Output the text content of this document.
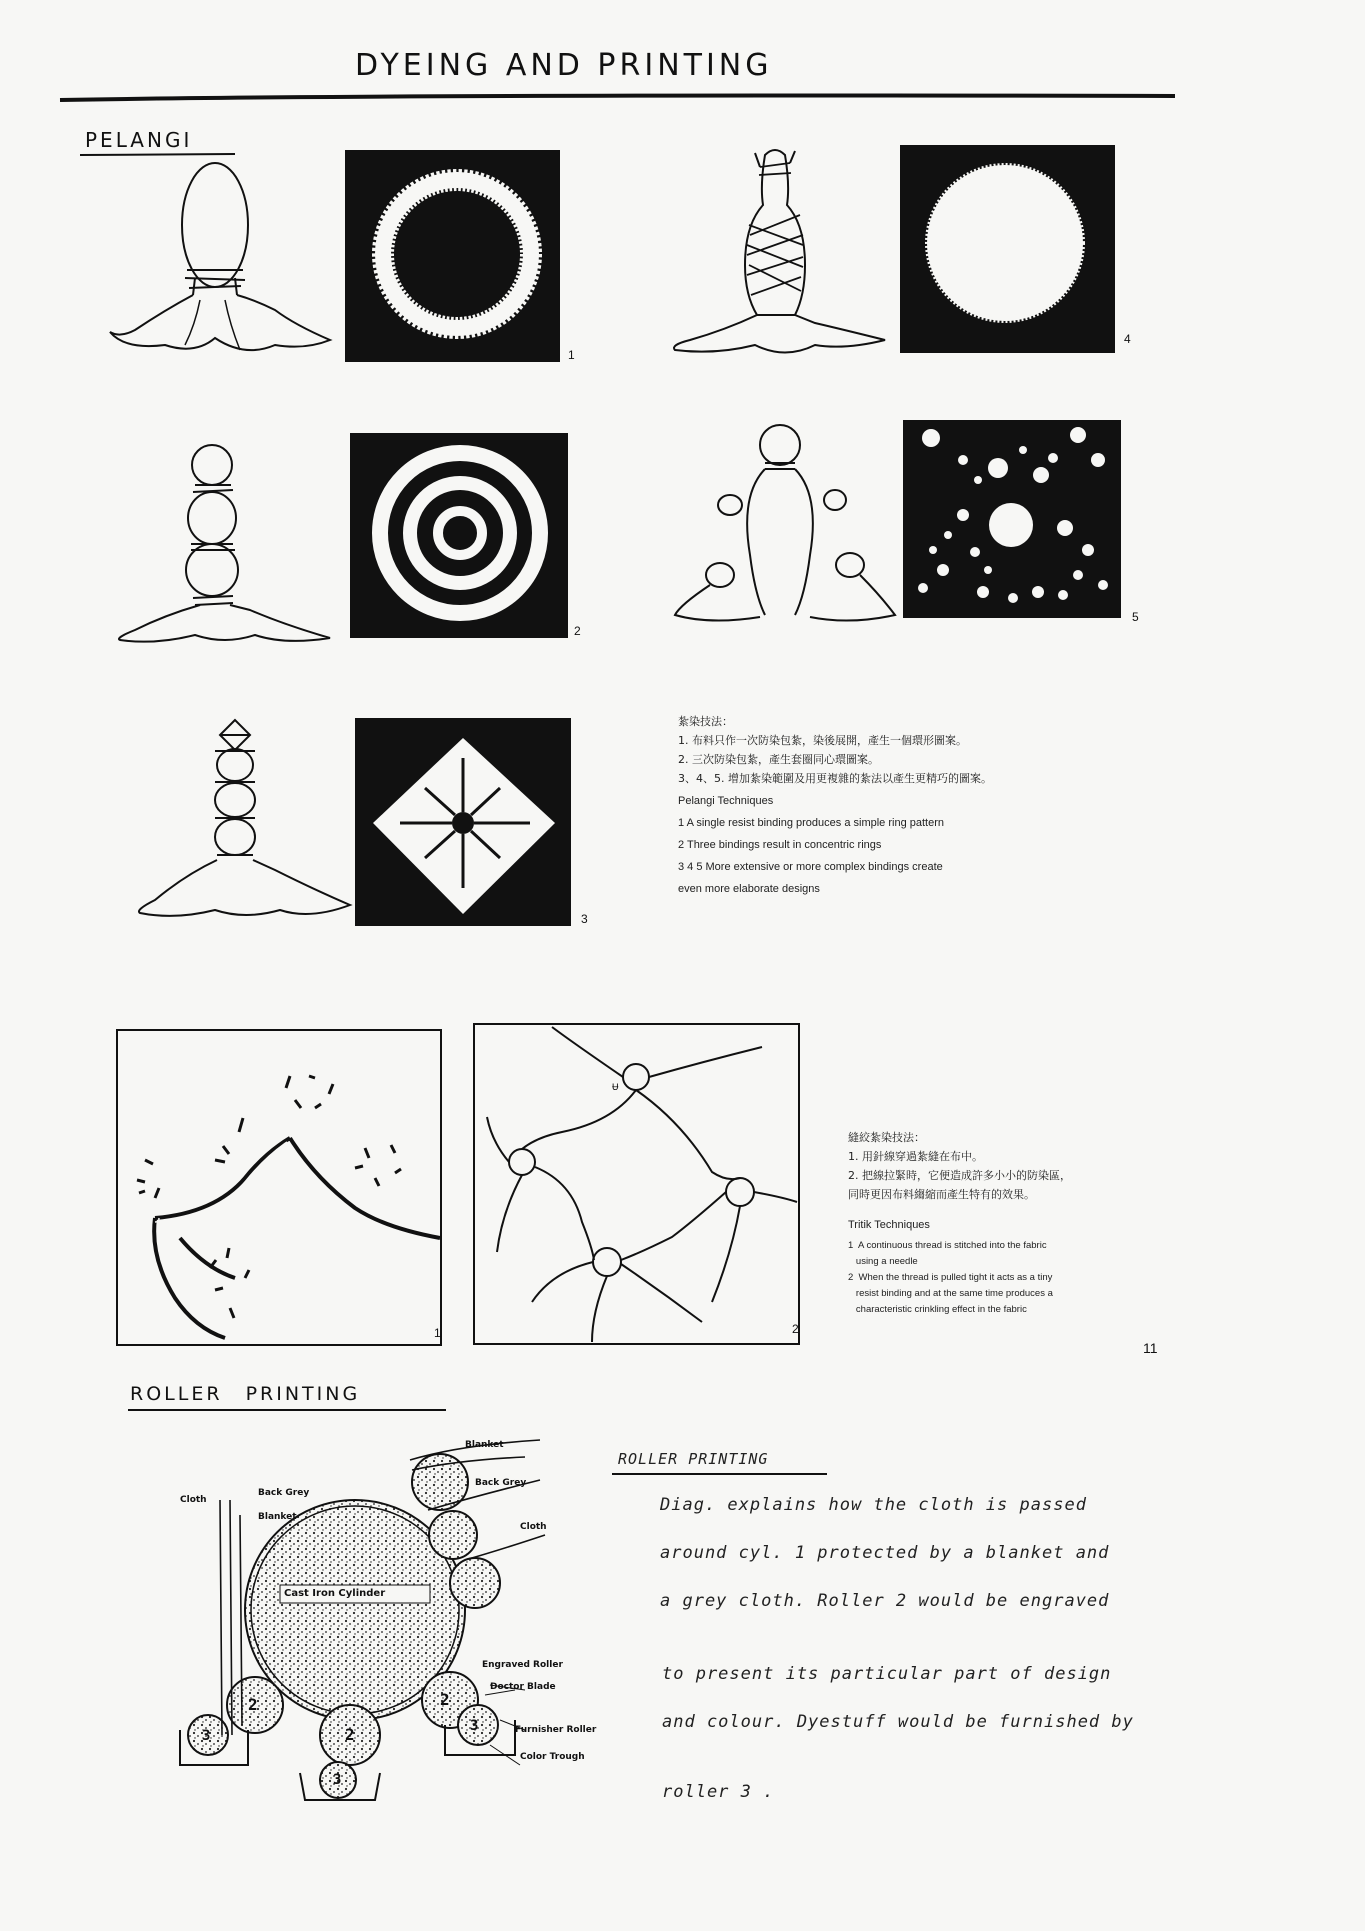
DYEING AND PRINTING
PELANGI
1
4
2
5
3
紮染技法：
1. 布料只作一次防染包紮，染後展開，產生一個環形圖案。
2. 三次防染包紮，產生套圈同心環圖案。
3、4、5. 增加紮染範圍及用更複雜的紮法以產生更精巧的圖案。
Pelangi Techniques
1 A single resist binding produces a simple ring pattern
2 Three bindings result in concentric rings
3 4 5 More extensive or more complex bindings create
even more elaborate designs
1
Ʉ
2
縫絞紮染技法：
1. 用針線穿過紮縫在布中。
2. 把線拉緊時，它便造成許多小小的防染區，
同時更因布料縐縮而產生特有的效果。
Tritik Techniques
1  A continuous thread is stitched into the fabric
using a needle
2  When the thread is pulled tight it acts as a tiny
resist binding and at the same time produces a
characteristic crinkling effect in the fabric
11
ROLLER PRINTING
Blanket
Back Grey
Cloth
Cloth
Back Grey
Blanket
Cast Iron Cylinder
Engraved Roller
Doctor Blade
Furnisher Roller
Color Trough
2
2
2
3
3
3
ROLLER PRINTING
Diag. explains how the cloth is passed
around cyl. 1 protected by a blanket and
a grey cloth. Roller 2 would be engraved
to present its particular part of design
and colour. Dyestuff would be furnished by
roller 3 .
